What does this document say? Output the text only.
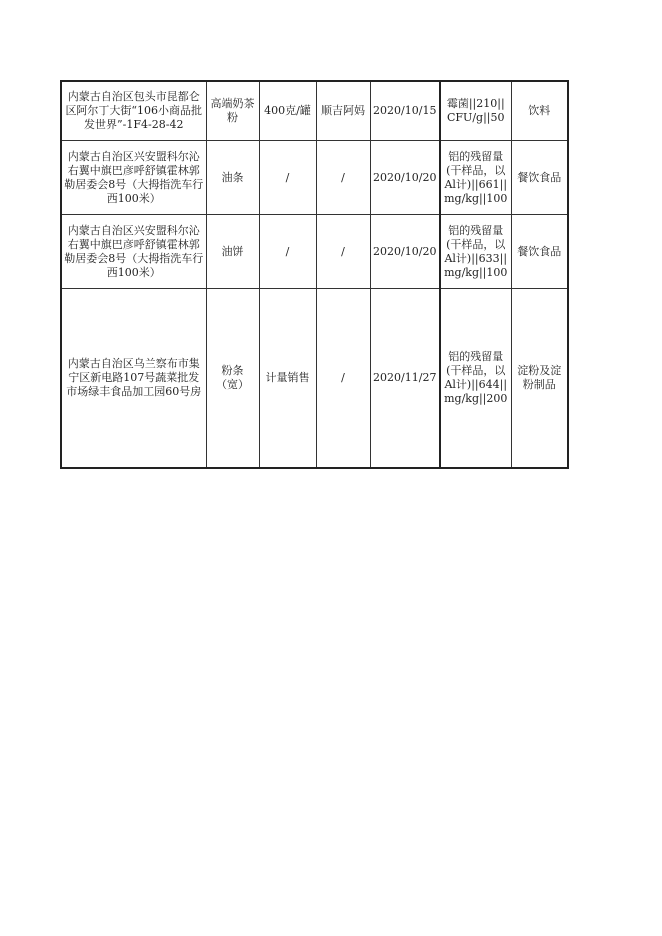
内蒙古自治区包头市昆都仑区阿尔丁大街“106小商品批发世界”-1F4-28-42	高端奶茶粉	400克/罐	顺吉阿妈	2020/10/15	霉菌||210||CFU/g||50	饮料
内蒙古自治区兴安盟科尔沁右翼中旗巴彦呼舒镇霍林郭勒居委会8号（大拇指洗车行西100米）	油条	/	/	2020/10/20	铝的残留量(干样品，以Al计)||661||mg/kg||100	餐饮食品
内蒙古自治区兴安盟科尔沁右翼中旗巴彦呼舒镇霍林郭勒居委会8号（大拇指洗车行西100米）	油饼	/	/	2020/10/20	铝的残留量(干样品，以Al计)||633||mg/kg||100	餐饮食品
内蒙古自治区乌兰察布市集宁区新电路107号蔬菜批发市场绿丰食品加工园60号房	粉条（宽）	计量销售	/	2020/11/27	铝的残留量(干样品，以Al计)||644||mg/kg||200	淀粉及淀粉制品
